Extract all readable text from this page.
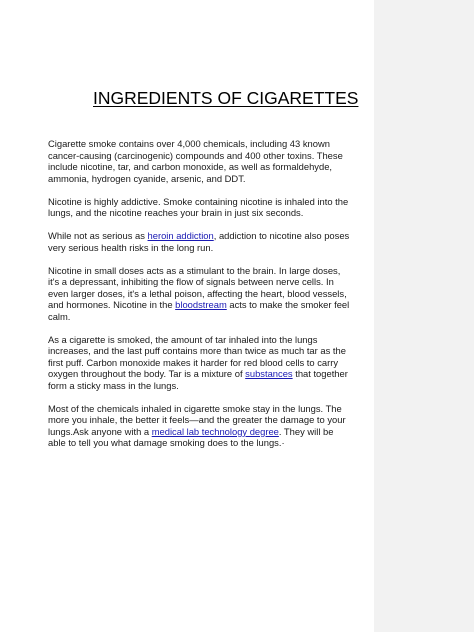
INGREDIENTS OF CIGARETTES

Cigarette smoke contains over 4,000 chemicals, including 43 known
cancer-causing (carcinogenic) compounds and 400 other toxins. These
include nicotine, tar, and carbon monoxide, as well as formaldehyde,
ammonia, hydrogen cyanide, arsenic, and DDT.

Nicotine is highly addictive. Smoke containing nicotine is inhaled into the
lungs, and the nicotine reaches your brain in just six seconds.

While not as serious as heroin addiction, addiction to nicotine also poses
very serious health risks in the long run.

Nicotine in small doses acts as a stimulant to the brain. In large doses,
it's a depressant, inhibiting the flow of signals between nerve cells. In
even larger doses, it's a lethal poison, affecting the heart, blood vessels,
and hormones. Nicotine in the bloodstream acts to make the smoker feel
calm.

As a cigarette is smoked, the amount of tar inhaled into the lungs
increases, and the last puff contains more than twice as much tar as the
first puff. Carbon monoxide makes it harder for red blood cells to carry
oxygen throughout the body. Tar is a mixture of substances that together
form a sticky mass in the lungs.

Most of the chemicals inhaled in cigarette smoke stay in the lungs. The
more you inhale, the better it feels—and the greater the damage to your
lungs.Ask anyone with a medical lab technology degree. They will be
able to tell you what damage smoking does to the lungs.·
